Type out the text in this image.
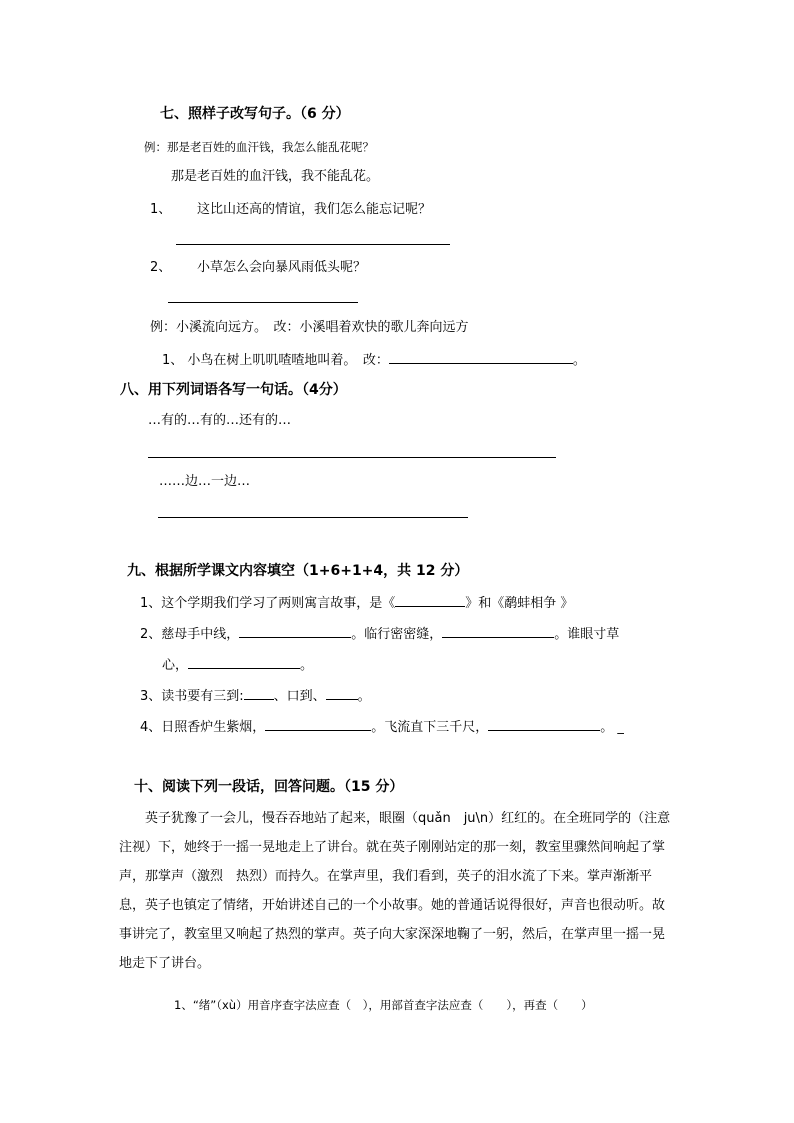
七、照样子改写句子。（6 分）
例：那是老百姓的血汗钱，我怎么能乱花呢？
那是老百姓的血汗钱，我不能乱花。
1、 这比山还高的情谊，我们怎么能忘记呢？
2、 小草怎么会向暴风雨低头呢？
例：小溪流向远方。　改：小溪唱着欢快的歌儿奔向远方
1、 小鸟在树上叽叽喳喳地叫着。　改：	。
八、用下列词语各写一句话。（4分）
…有的…有的…还有的…
……边…一边…
九、根据所学课文内容填空（1+6+1+4，共 12 分）
1、这个学期我们学习了两则寓言故事，是《	》和《鹬蚌相争 》
2、慈母手中线，	。临行密密缝，	。谁眼寸草
心，	。
3、读书要有三到: 、口到、 。
4、日照香炉生紫烟，	。飞流直下三千尺，	。 _
十、阅读下列一段话，回答问题。（15 分）
英子犹豫了一会儿，慢吞吞地站了起来，眼圈（quǎn　ju\n）红红的。在全班同学的（注意　注视）下，她终于一摇一晃地走上了讲台。就在英子刚刚站定的那一刻，教室里骤然间响起了掌声，那掌声（激烈　热烈）而持久。在掌声里，我们看到，英子的泪水流了下来。掌声渐渐平息，英子也镇定了情绪，开始讲述自己的一个小故事。她的普通话说得很好，声音也很动听。故事讲完了，教室里又响起了热烈的掌声。英子向大家深深地鞠了一躬，然后，在掌声里一摇一晃地走下了讲台。
1、“绪”（xù）用音序查字法应查（　），用部首查字法应查（　　），再查（　　）
